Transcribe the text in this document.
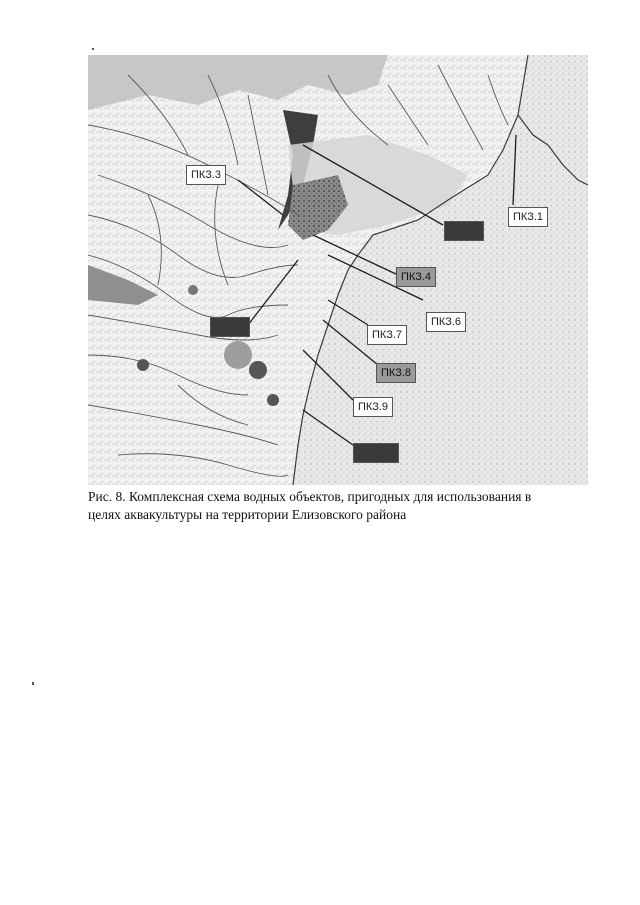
ПКЗ.3
ПКЗ.1
ПКЗ.2
ПКЗ.4
ПКЗ.6
ПКЗ.5
ПКЗ.7
ПКЗ.8
ПКЗ.9
ПКЗ.10
Рис. 8. Комплексная схема водных объектов, пригодных для использования в
целях аквакультуры на территории Елизовского района
